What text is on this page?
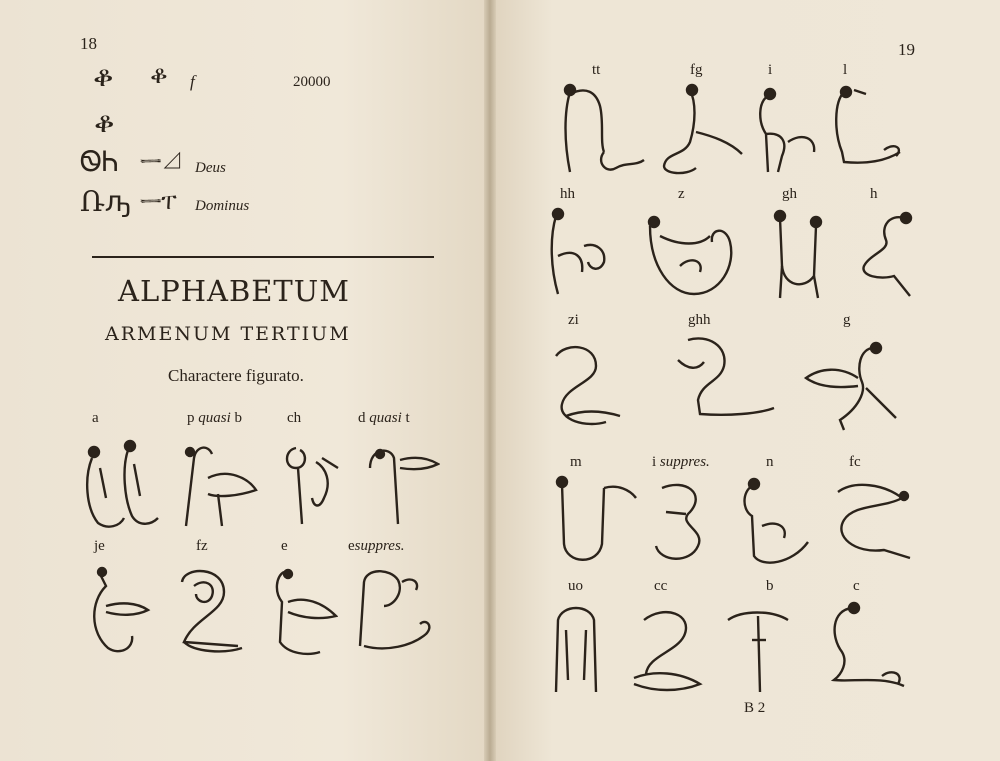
18
ቆ ቆ f	20000
ቆ
ᏫᏂ ᆖ⊿ Deus
Ռԡ ᆖፐ Dominus
ALPHABETUM
ARMENUM TERTIUM
Charactere figurato.
a	p quasi b	ch	d quasi t
je	fz	e	esuppres.
19
tt	fg	i	l
hh	z	gh	h
zi	ghh	g
m	i suppres.	n	fc
uo	cc	b	c
B 2
